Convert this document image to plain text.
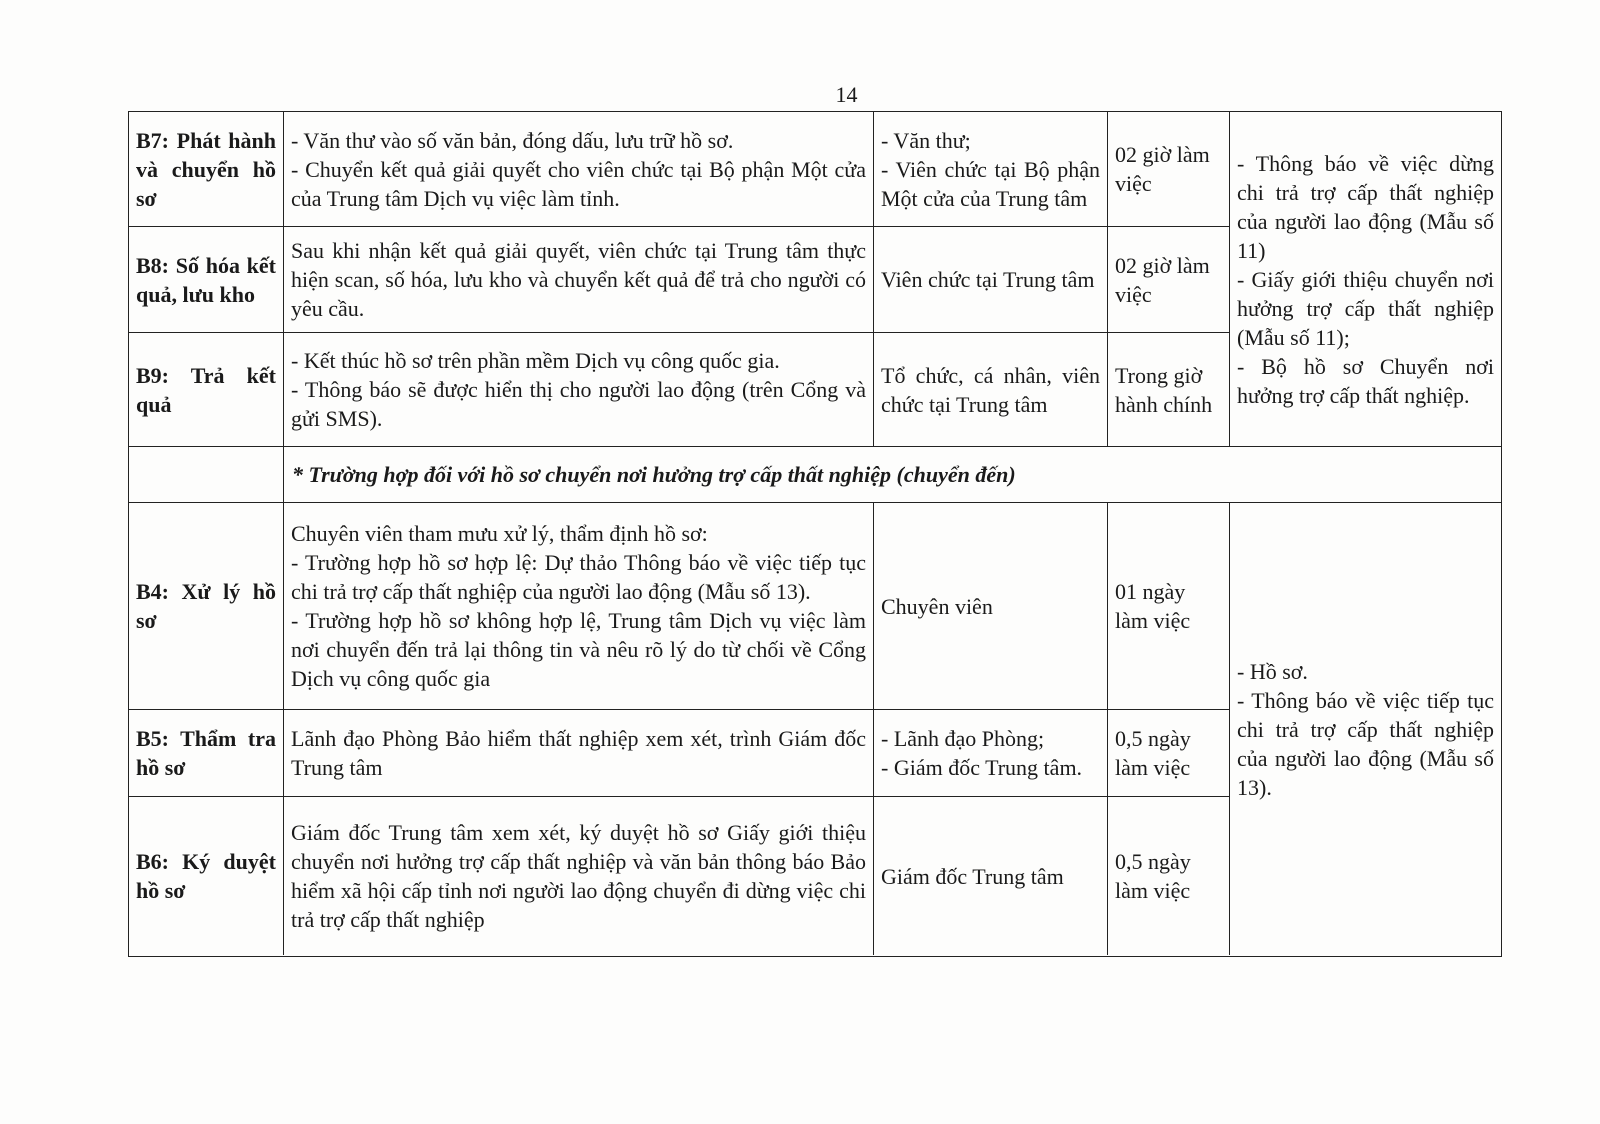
14
B7: Phát hành và chuyển hồ sơ
- Văn thư vào số văn bản, đóng dấu, lưu trữ hồ sơ.
- Chuyển kết quả giải quyết cho viên chức tại Bộ phận Một cửa của Trung tâm Dịch vụ việc làm tỉnh.
- Văn thư;
- Viên chức tại Bộ phận Một cửa của Trung tâm
02 giờ làm việc
B8: Số hóa kết quả, lưu kho
Sau khi nhận kết quả giải quyết, viên chức tại Trung tâm thực hiện scan, số hóa, lưu kho và chuyển kết quả để trả cho người có yêu cầu.
Viên chức tại Trung tâm
02 giờ làm việc
B9: Trả kết quả
- Kết thúc hồ sơ trên phần mềm Dịch vụ công quốc gia.
- Thông báo sẽ được hiển thị cho người lao động (trên Cổng và gửi SMS).
Tổ chức, cá nhân, viên chức tại Trung tâm
Trong giờ hành chính
- Thông báo về việc dừng chi trả trợ cấp thất nghiệp của người lao động (Mẫu số 11)
- Giấy giới thiệu chuyển nơi hưởng trợ cấp thất nghiệp (Mẫu số 11);
- Bộ hồ sơ Chuyển nơi hưởng trợ cấp thất nghiệp.
* Trường hợp đối với hồ sơ chuyển nơi hưởng trợ cấp thất nghiệp (chuyển đến)
B4: Xử lý hồ sơ
Chuyên viên tham mưu xử lý, thẩm định hồ sơ:
- Trường hợp hồ sơ hợp lệ: Dự thảo Thông báo về việc tiếp tục chi trả trợ cấp thất nghiệp của người lao động (Mẫu số 13).
- Trường hợp hồ sơ không hợp lệ, Trung tâm Dịch vụ việc làm nơi chuyển đến trả lại thông tin và nêu rõ lý do từ chối về Cổng Dịch vụ công quốc gia
Chuyên viên
01 ngày làm việc
B5: Thẩm tra hồ sơ
Lãnh đạo Phòng Bảo hiểm thất nghiệp xem xét, trình Giám đốc Trung tâm
- Lãnh đạo Phòng;
- Giám đốc Trung tâm.
0,5 ngày làm việc
B6: Ký duyệt hồ sơ
Giám đốc Trung tâm xem xét, ký duyệt hồ sơ Giấy giới thiệu chuyển nơi hưởng trợ cấp thất nghiệp và văn bản thông báo Bảo hiểm xã hội cấp tỉnh nơi người lao động chuyển đi dừng việc chi trả trợ cấp thất nghiệp
Giám đốc Trung tâm
0,5 ngày làm việc
- Hồ sơ.
- Thông báo về việc tiếp tục chi trả trợ cấp thất nghiệp của người lao động (Mẫu số 13).
